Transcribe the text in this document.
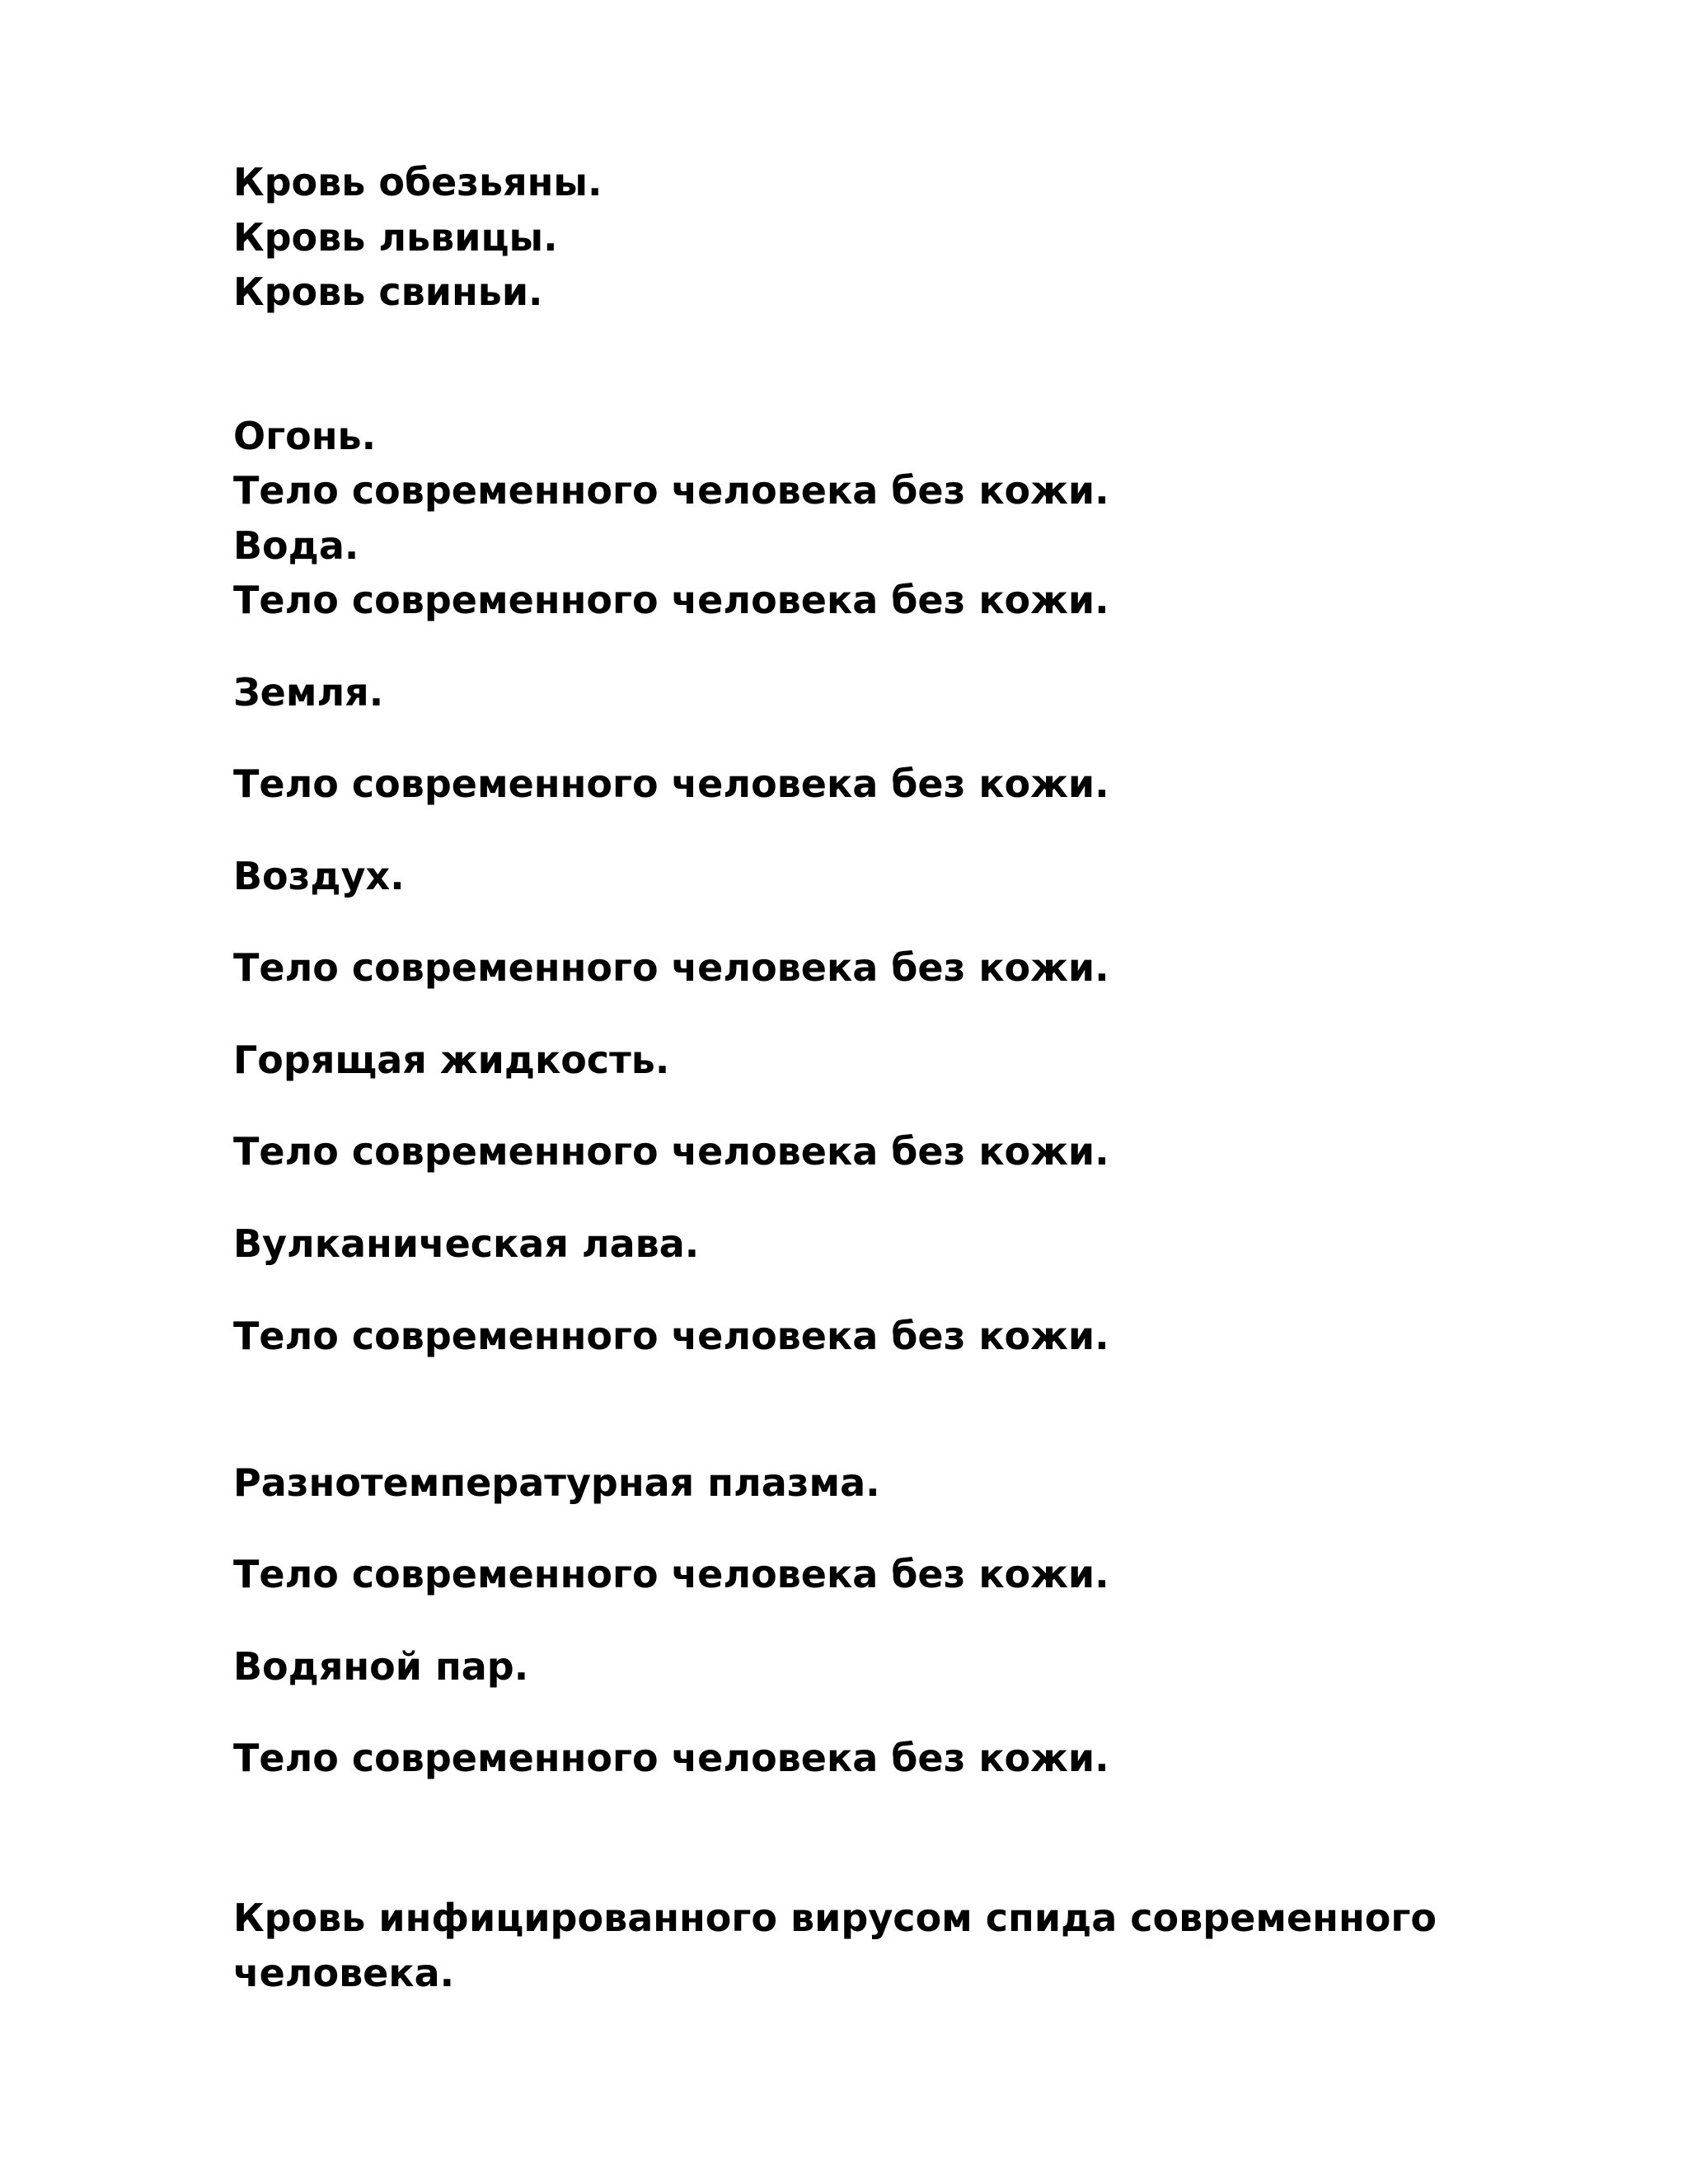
Кровь обезьяны.

Кровь львицы.

Кровь свиньи.

Огонь.

Тело современного человека без кожи.

Вода.

Тело современного человека без кожи.

Земля.

Тело современного человека без кожи.

Воздух.

Тело современного человека без кожи.

Горящая жидкость.

Тело современного человека без кожи.

Вулканическая лава.

Тело современного человека без кожи.

Разнотемпературная плазма.

Тело современного человека без кожи.

Водяной пар.

Тело современного человека без кожи.

Кровь инфицированного вирусом спида современного

человека.
